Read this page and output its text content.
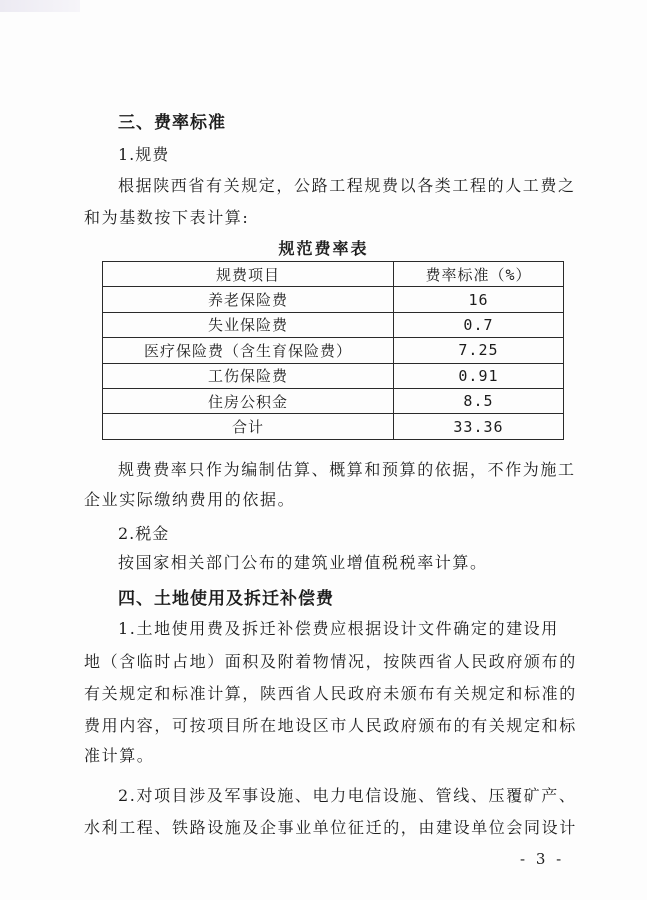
三、费率标准
1.规费
根据陕西省有关规定，公路工程规费以各类工程的人工费之
和为基数按下表计算:
规范费率表
规费项目	费率标准（%）
养老保险费	16
失业保险费	0.7
医疗保险费（含生育保险费）	7.25
工伤保险费	0.91
住房公积金	8.5
合计	33.36
规费费率只作为编制估算、概算和预算的依据，不作为施工
企业实际缴纳费用的依据。
2.税金
按国家相关部门公布的建筑业增值税税率计算。
四、土地使用及拆迁补偿费
1.土地使用费及拆迁补偿费应根据设计文件确定的建设用
地（含临时占地）面积及附着物情况，按陕西省人民政府颁布的
有关规定和标准计算，陕西省人民政府未颁布有关规定和标准的
费用内容，可按项目所在地设区市人民政府颁布的有关规定和标
准计算。
2.对项目涉及军事设施、电力电信设施、管线、压覆矿产、
水利工程、铁路设施及企事业单位征迁的，由建设单位会同设计
- 3 -
